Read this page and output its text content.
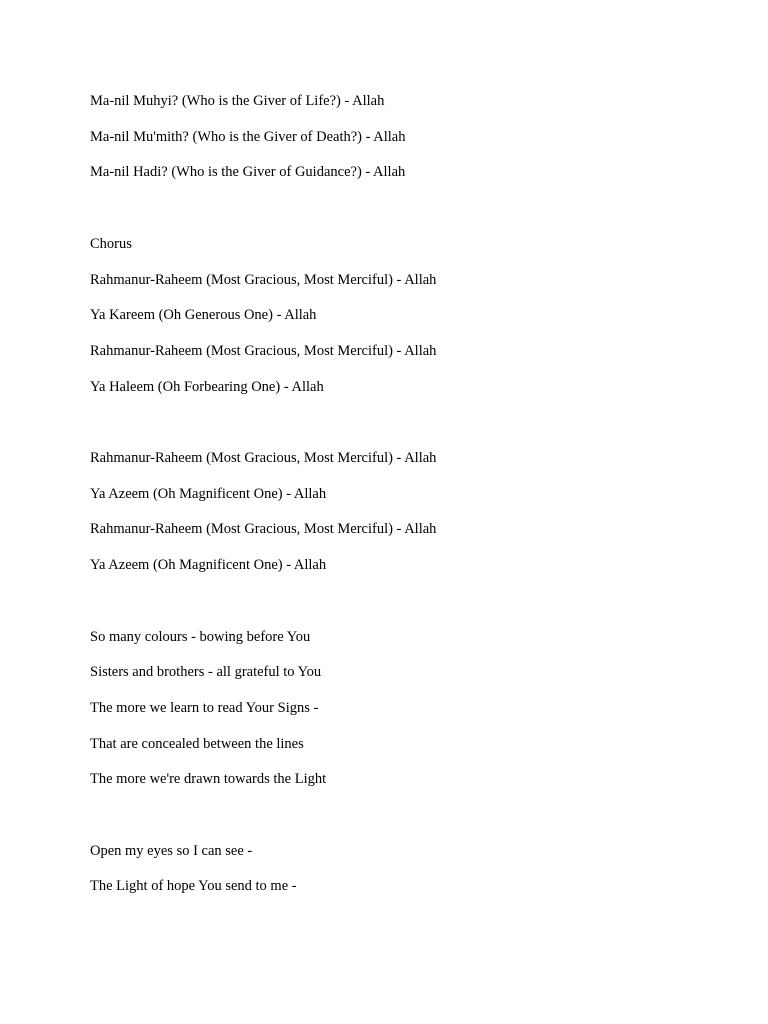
Ma-nil Muhyi? (Who is the Giver of Life?) - Allah
Ma-nil Mu'mith? (Who is the Giver of Death?) - Allah
Ma-nil Hadi? (Who is the Giver of Guidance?) - Allah
Chorus
Rahmanur-Raheem (Most Gracious, Most Merciful) - Allah
Ya Kareem (Oh Generous One) - Allah
Rahmanur-Raheem (Most Gracious, Most Merciful) - Allah
Ya Haleem (Oh Forbearing One) - Allah
Rahmanur-Raheem (Most Gracious, Most Merciful) - Allah
Ya Azeem (Oh Magnificent One) - Allah
Rahmanur-Raheem (Most Gracious, Most Merciful) - Allah
Ya Azeem (Oh Magnificent One) - Allah
So many colours - bowing before You
Sisters and brothers - all grateful to You
The more we learn to read Your Signs -
That are concealed between the lines
The more we're drawn towards the Light
Open my eyes so I can see -
The Light of hope You send to me -
